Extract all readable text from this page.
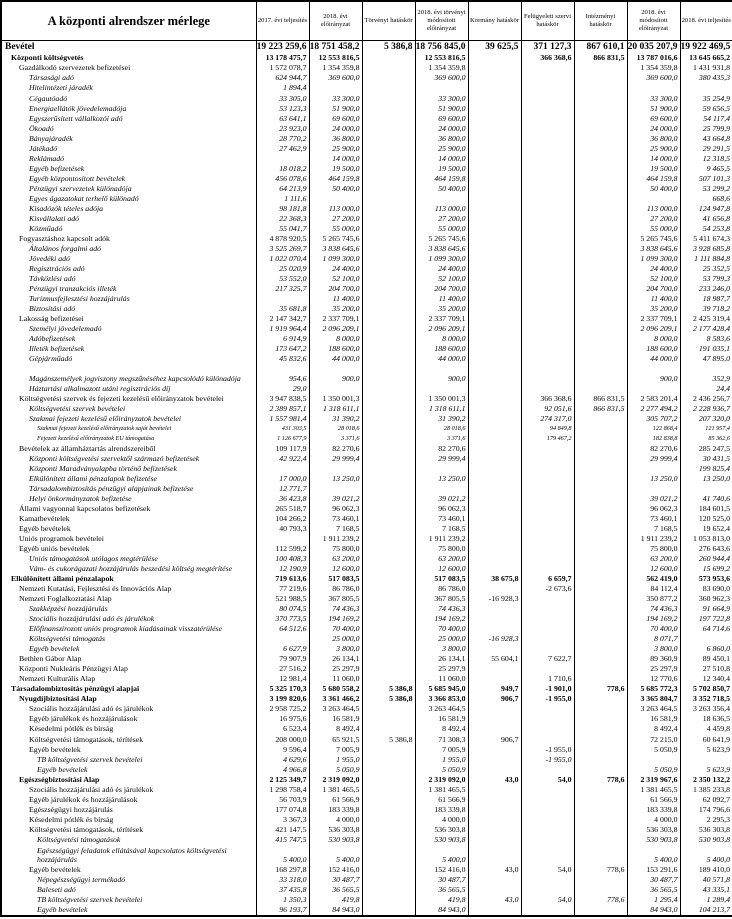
A központi alrendszer mérlege	2017. évi teljesítés	2018. évi előirányzat	Törvényi hatáskör	2018. évi törvényi módosított előirányzat	Kormány hatáskör	Felügyeleti szervi hatáskör	Intézményi hatáskör	2018. évi módosított előirányzat	2018. évi teljesítés
Bevétel	19 223 259,6	18 751 458,2	5 386,8	18 756 845,0	39 625,5	371 127,3	867 610,1	20 035 207,9	19 922 469,5
Központi költségvetés	13 178 475,7	12 553 816,5		12 553 816,5		366 368,6	866 831,5	13 787 016,6	13 645 665,2
Gazdálkodó szervezetek befizetései	1 572 078,7	1 354 359,8		1 354 359,8				1 354 359,8	1 431 931,8
Társasági adó	624 944,7	369 600,0		369 600,0				369 600,0	380 435,3
Hitelintézeti járadék	1 894,4								
Cégautóadó	33 305,0	33 300,0		33 300,0				33 300,0	35 254,9
Energiaellátók jövedelemadója	53 123,3	51 900,0		51 900,0				51 900,0	59 656,5
Egyszerűsített vállalkozói adó	63 641,1	69 600,0		69 600,0				69 600,0	54 117,4
Ökoadó	23 923,0	24 000,0		24 000,0				24 000,0	25 799,9
Bányajáradék	28 770,2	36 800,0		36 800,0				36 800,0	43 664,8
Játékadó	27 462,9	25 900,0		25 900,0				25 900,0	29 291,5
Reklámadó		14 000,0		14 000,0				14 000,0	12 318,5
Egyéb befizetések	18 018,2	19 500,0		19 500,0				19 500,0	9 465,5
Egyéb központosított bevételek	456 078,6	464 159,8		464 159,8				464 159,8	507 101,3
Pénzügyi szervezetek különadója	64 213,9	50 400,0		50 400,0				50 400,0	53 299,2
Egyes ágazatokat terhelő különadó	1 111,6								668,6
Kisadózók tételes adója	98 181,8	113 000,0		113 000,0				113 000,0	124 947,8
Kisvállalati adó	22 368,3	27 200,0		27 200,0				27 200,0	41 656,8
Közműadó	55 041,7	55 000,0		55 000,0				55 000,0	54 253,8
Fogyasztáshoz kapcsolt adók	4 878 920,5	5 265 745,6		5 265 745,6				5 265 745,6	5 411 674,3
Általános forgalmi adó	3 525 269,7	3 838 645,6		3 838 645,6				3 838 645,6	3 928 685,8
Jövedéki adó	1 022 070,4	1 099 300,0		1 099 300,0				1 099 300,0	1 111 884,8
Regisztrációs adó	25 020,9	24 400,0		24 400,0				24 400,0	25 352,5
Távközlési adó	53 552,0	52 100,0		52 100,0				52 100,0	53 799,3
Pénzügyi tranzakciós illeték	217 325,7	204 700,0		204 700,0				204 700,0	233 246,0
Turizmusfejlesztési hozzájárulás		11 400,0		11 400,0				11 400,0	18 987,7
Biztosítási adó	35 681,8	35 200,0		35 200,0				35 200,0	39 718,2
Lakosság befizetései	2 147 342,7	2 337 709,1		2 337 709,1				2 337 709,1	2 425 319,4
Személyi jövedelemadó	1 919 964,4	2 096 209,1		2 096 209,1				2 096 209,1	2 177 428,4
Adóbefizetések	6 914,9	8 000,0		8 000,0				8 000,0	8 583,6
Illeték befizetések	173 647,2	188 600,0		188 600,0				188 600,0	191 035,1
Gépjárműadó	45 832,6	44 000,0		44 000,0				44 000,0	47 895,0

Magánszemélyek jogviszony megszűnéséhez kapcsolódó különadója	954,6	900,0		900,0				900,0	352,9
Háztartási alkalmazott utáni regisztrációs díj	29,0								24,4
Költségvetési szervek és fejezeti kezelésű előirányzatok bevételei	3 947 838,5	1 350 001,3		1 350 001,3		366 368,6	866 831,5	2 583 201,4	2 436 256,7
Költségvetési szervek bevételei	2 389 857,1	1 318 611,1		1 318 611,1		92 051,6	866 831,5	2 277 494,2	2 228 936,7
Szakmai fejezeti kezelésű előirányzatok bevételei	1 557 981,4	31 390,2		31 390,2		274 317,0		305 707,2	207 320,0
Szakmai fejezeti kezelésű előirányzatok saját bevételei	431 303,5	28 018,6		28 018,6		94 849,8		122 868,4	121 957,4
Fejezeti kezelésű előirányzatok EU támogatása	1 126 677,9	3 371,6		3 371,6		179 467,2		182 838,8	85 362,6
Bevételek az államháztartás alrendszereiből	109 117,9	82 270,6		82 270,6				82 270,6	285 247,5
Központi költségvetési szervektől származó befizetések	42 922,4	29 999,4		29 999,4				29 999,4	30 431,5
Központi Maradványalapba történő befizetések									199 825,4
Elkülönített állami pénzalapok befizetése	17 000,0	13 250,0		13 250,0				13 250,0	13 250,0
Társadalombiztosítás pénzügyi alapjainak befizetése	12 771,7								
Helyi önkormányzatok befizetése	36 423,8	39 021,2		39 021,2				39 021,2	41 740,6
Állami vagyonnal kapcsolatos befizetések	265 518,7	96 062,3		96 062,3				96 062,3	184 601,5
Kamatbevételek	104 266,2	73 460,1		73 460,1				73 460,1	120 525,0
Egyéb bevételek	40 793,3	7 168,5		7 168,5				7 168,5	19 652,4
Uniós programok bevételei		1 911 239,2		1 911 239,2				1 911 239,2	1 053 813,0
Egyéb uniós bevételek	112 599,2	75 800,0		75 800,0				75 800,0	276 643,6
Uniós támogatások utólagos megtérülése	100 408,3	63 200,0		63 200,0				63 200,0	260 944,4
Vám- és cukorágazati hozzájárulás beszedési költség megtérítése	12 190,9	12 600,0		12 600,0				12 600,0	15 699,2
Elkülönített állami pénzalapok	719 613,6	517 083,5		517 083,5	38 675,8	6 659,7		562 419,0	573 953,6
Nemzeti Kutatási, Fejlesztési és Innovációs Alap	77 219,6	86 786,0		86 786,0		-2 673,6		84 112,4	83 690,0
Nemzeti Foglalkoztatási Alap	521 988,5	367 805,5		367 805,5	-16 928,3			350 877,2	360 962,3
Szakképzési hozzájárulás	80 074,5	74 436,3		74 436,3				74 436,3	91 664,9
Szociális hozzájárulási adó és járulékok	370 773,5	194 169,2		194 169,2				194 169,2	197 722,8
Előfinanszírozott uniós programok kiadásainak visszatérülése	64 512,6	70 400,0		70 400,0				70 400,0	64 714,6
Költségvetési támogatás		25 000,0		25 000,0	-16 928,3			8 071,7	
Egyéb bevételek	6 627,9	3 800,0		3 800,0				3 800,0	6 860,0
Bethlen Gábor Alap	79 907,9	26 134,1		26 134,1	55 604,1	7 622,7		89 360,9	89 450,1
Központi Nukleáris Pénzügyi Alap	27 516,2	25 297,9		25 297,9				25 297,9	27 510,8
Nemzeti Kulturális Alap	12 981,4	11 060,0		11 060,0		1 710,6		12 770,6	12 340,4
Társadalombiztosítás pénzügyi alapjai	5 325 170,3	5 680 558,2	5 386,8	5 685 945,0	949,7	-1 901,0	778,6	5 685 772,3	5 702 850,7
Nyugdíjbiztosítási Alap	3 199 820,6	3 361 466,2	5 386,8	3 366 853,0	906,7	-1 955,0		3 365 804,7	3 352 718,5
Szociális hozzájárulási adó és járulékok	2 958 725,2	3 263 464,5		3 263 464,5				3 263 464,5	3 263 356,4
Egyéb járulékok és hozzájárulások	16 975,6	16 581,9		16 581,9				16 581,9	18 636,5
Késedelmi pótlék és bírság	6 523,4	8 492,4		8 492,4				8 492,4	4 459,8
Költségvetési támogatások, térítések	208 000,0	65 921,5	5 386,8	71 308,3	906,7			72 215,0	60 641,9
Egyéb bevételek	9 596,4	7 005,9		7 005,9		-1 955,0		5 050,9	5 623,9
TB költségvetési szervek bevételei	4 629,6	1 955,0		1 955,0		-1 955,0			
Egyéb bevételek	4 966,8	5 050,9		5 050,9				5 050,9	5 623,9
Egészségbiztosítási Alap	2 125 349,7	2 319 092,0		2 319 092,0	43,0	54,0	778,6	2 319 967,6	2 350 132,2
Szociális hozzájárulási adó és járulékok	1 298 758,4	1 381 465,5		1 381 465,5				1 381 465,5	1 385 233,8
Egyéb járulékok és hozzájárulások	56 703,9	61 566,9		61 566,9				61 566,9	62 092,7
Egészségügyi hozzájárulás	177 074,8	183 339,8		183 339,8				183 339,8	174 796,6
Késedelmi pótlék és bírság	3 367,3	4 000,0		4 000,0				4 000,0	2 295,3
Költségvetési támogatások, térítések	421 147,5	536 303,8		536 303,8				536 303,8	536 303,8
Költségvetési támogatások	415 747,5	530 903,8		530 903,8				530 903,8	530 903,8
Egészségügyi feladatok ellátásával kapcsolatos költségvetési hozzájárulás	5 400,0	5 400,0		5 400,0				5 400,0	5 400,0
Egyéb bevételek	168 297,8	152 416,0		152 416,0	43,0	54,0	778,6	153 291,6	189 410,0
Népegészségügyi termékadó	33 318,0	30 487,7		30 487,7				30 487,7	40 571,8
Baleseti adó	37 435,8	36 565,5		36 565,5				36 565,5	43 335,1
TB költségvetési szervek bevételei	1 350,3	419,8		419,8	43,0	54,0	778,6	1 295,4	1 289,4
Egyéb bevételek	96 193,7	84 943,0		84 943,0				84 943,0	104 213,7
